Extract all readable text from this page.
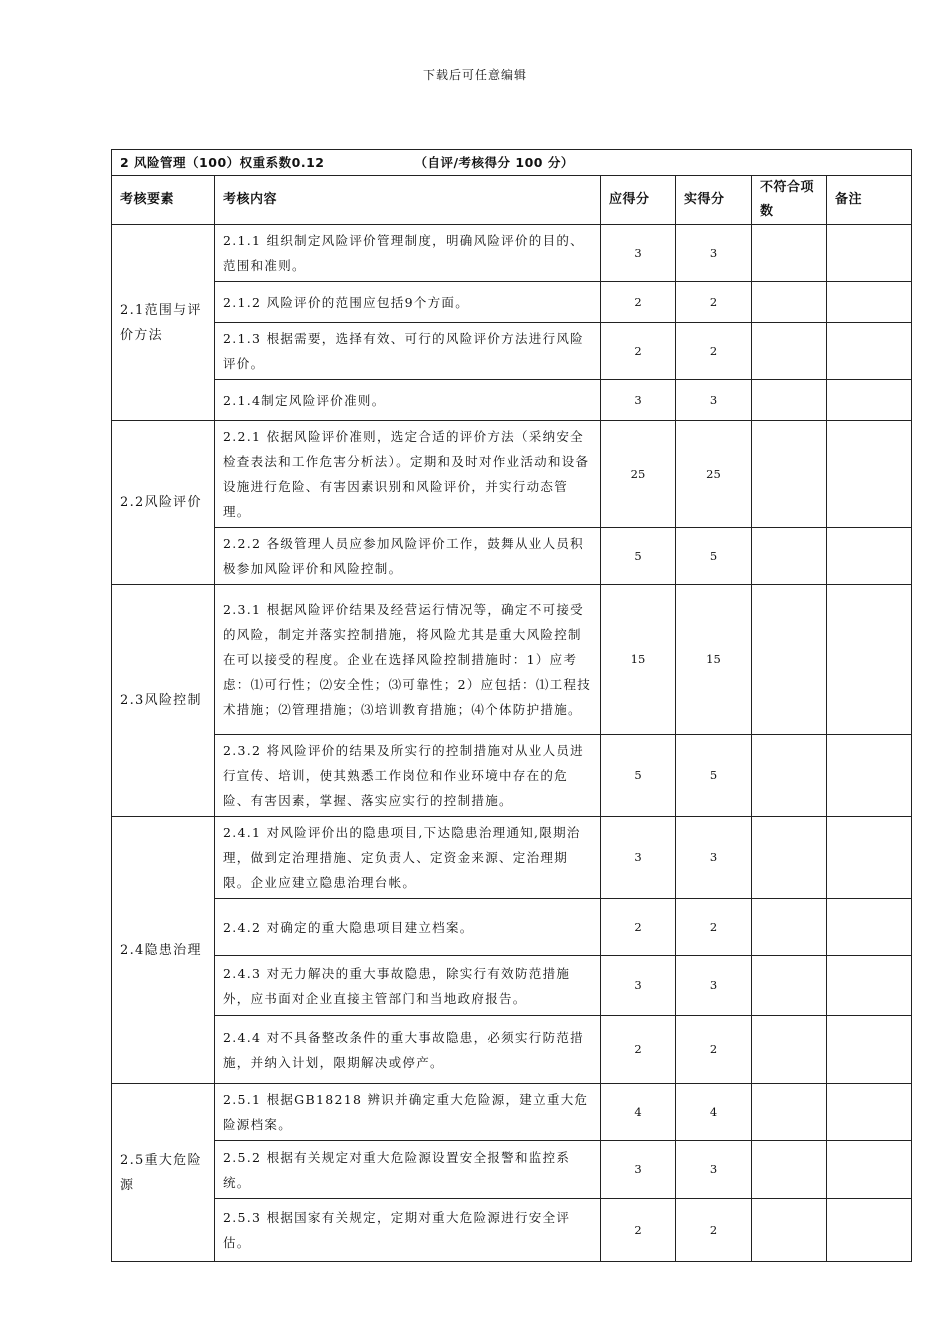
下载后可任意编辑
2 风险管理（100）权重系数0.12 （自评/考核得分 100 分）					
考核要素	考核内容	应得分	实得分	不符合项数	备注
2.1范围与评价方法	2.1.1 组织制定风险评价管理制度，明确风险评价的目的、范围和准则。	3	3		
	2.1.2 风险评价的范围应包括9个方面。	2	2		
	2.1.3 根据需要，选择有效、可行的风险评价方法进行风险评价。	2	2		
	2.1.4制定风险评价准则。	3	3		
2.2风险评价	2.2.1 依据风险评价准则，选定合适的评价方法（采纳安全检查表法和工作危害分析法）。定期和及时对作业活动和设备设施进行危险、有害因素识别和风险评价，并实行动态管理。	25	25		
	2.2.2 各级管理人员应参加风险评价工作，鼓舞从业人员积极参加风险评价和风险控制。	5	5		
2.3风险控制	2.3.1 根据风险评价结果及经营运行情况等，确定不可接受的风险，制定并落实控制措施，将风险尤其是重大风险控制在可以接受的程度。企业在选择风险控制措施时：1）应考虑：⑴可行性；⑵安全性；⑶可靠性；2）应包括：⑴工程技术措施；⑵管理措施；⑶培训教育措施；⑷个体防护措施。	15	15		
	2.3.2 将风险评价的结果及所实行的控制措施对从业人员进行宣传、培训，使其熟悉工作岗位和作业环境中存在的危险、有害因素，掌握、落实应实行的控制措施。	5	5		
2.4隐患治理	2.4.1 对风险评价出的隐患项目,下达隐患治理通知,限期治理，做到定治理措施、定负责人、定资金来源、定治理期限。企业应建立隐患治理台帐。	3	3		
	2.4.2 对确定的重大隐患项目建立档案。	2	2		
	2.4.3 对无力解决的重大事故隐患，除实行有效防范措施外，应书面对企业直接主管部门和当地政府报告。	3	3		
	2.4.4 对不具备整改条件的重大事故隐患，必须实行防范措施，并纳入计划，限期解决或停产。	2	2		
2.5重大危险源	2.5.1 根据GB18218 辨识并确定重大危险源，建立重大危险源档案。	4	4		
	2.5.2 根据有关规定对重大危险源设置安全报警和监控系统。	3	3		
	2.5.3 根据国家有关规定，定期对重大危险源进行安全评估。	2	2		
